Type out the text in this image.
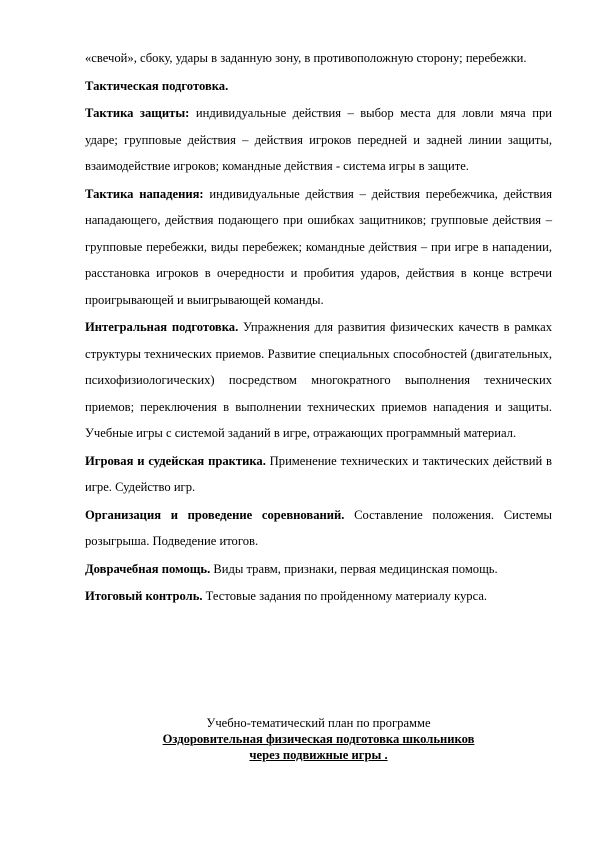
«свечой», сбоку, удары в заданную зону, в противоположную сторону; перебежки.

Тактическая подготовка.

Тактика защиты: индивидуальные действия – выбор места для ловли мяча при ударе; групповые действия – действия игроков передней и задней линии защиты, взаимодействие игроков; командные действия - система игры в защите.

Тактика нападения: индивидуальные действия – действия перебежчика, действия нападающего, действия подающего при ошибках защитников; групповые действия – групповые перебежки, виды перебежек; командные действия – при игре в нападении, расстановка игроков в очередности и пробития ударов, действия в конце встречи проигрывающей и выигрывающей команды.

Интегральная подготовка. Упражнения для развития физических качеств в рамках структуры технических приемов. Развитие специальных способностей (двигательных, психофизиологических) посредством многократного выполнения технических приемов; переключения в выполнении технических приемов нападения и защиты. Учебные игры с системой заданий в игре, отражающих программный материал.

Игровая и судейская практика. Применение технических и тактических действий в игре. Судейство игр.

Организация и проведение соревнований. Составление положения. Системы розыгрыша. Подведение итогов.

Доврачебная помощь. Виды травм, признаки, первая медицинская помощь.

Итоговый контроль. Тестовые задания по пройденному материалу курса.

Учебно-тематический план по программе
Оздоровительная физическая подготовка школьников
через подвижные игры .
